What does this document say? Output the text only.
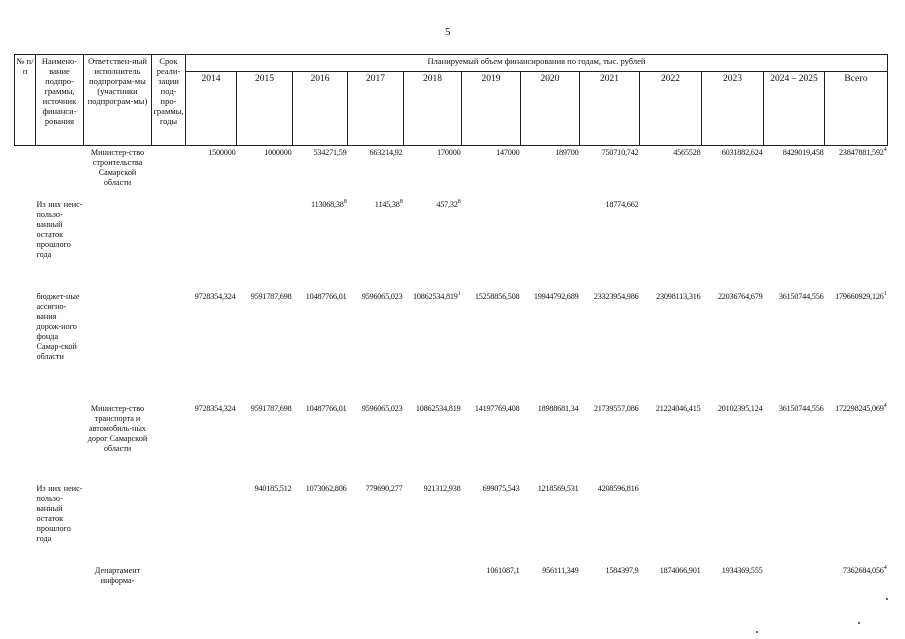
5
№ п/п	Наимено-вание подпро-граммы, источник финанси-рования	Ответствен-ный исполнитель подпрограм-мы (участники подпрограм-мы)	Срок реали-зации под-про-граммы, годы	Планируемый объем финансирования по годам, тыс. рублей											
				2014	2015	2016	2017	2018	2019	2020	2021	2022	2023	2024 – 2025	Всего
		Министер-ство строительства Самарской области		1500000	1000000	534271,59	663214,92	170000	147000	189700	750710,742	4565528	6031882,624	8429019,458	23847881,592$^4$
	Из них неис-пользо-ванный остаток прошлого года					113068,38$^8$	1145,38$^8$	457,32$^8$			18774,662				
	бюджет-ные ассигно-вания дорож-ного фонда Самар-ской области			9728354,324	9591787,698	10487766,01	9596065,023	10862534,819$^1$	15258856,508	19944792,689	23323954,986	23098113,316	22036764,679	36150744,556	179660929,126$^1$
		Министер-ство транспорта и автомобиль-ных дорог Самарской области		9728354,324	9591787,698	10487766,01	9596065,023	10862534,819	14197769,408	18988681,34	21739557,086	21224046,415	20102395,124	36150744,556	172298245,069$^4$
	Из них неис-пользо-ванный остаток прошлого года				940185,512	1073062,806	779690,277	921312,938	699075,543	1218569,531	4208596,816				
		Департамент информа-							1061087,1	956111,349	1584397,9	1874066,901	1934369,555		7362684,056$^4$
